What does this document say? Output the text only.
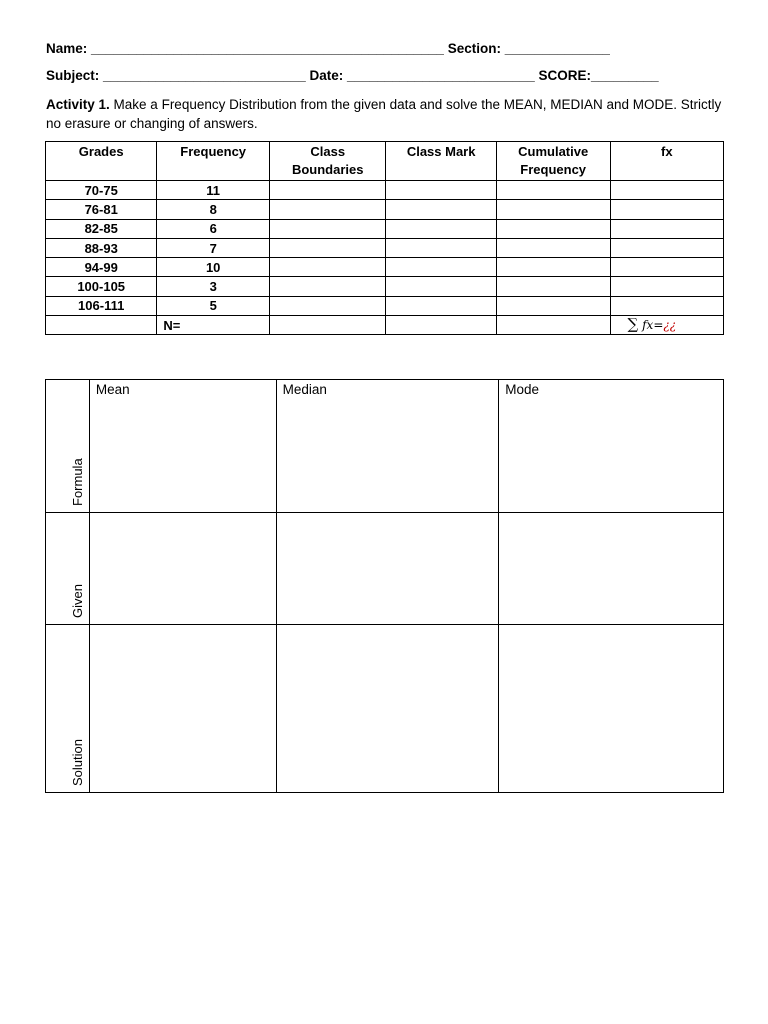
Name: _______________________________________________ Section: ______________
Subject: ___________________________ Date: _________________________ SCORE:_________
Activity 1. Make a Frequency Distribution from the given data and solve the MEAN, MEDIAN and MODE. Strictly no erasure or changing of answers.
Grades	Frequency	Class Boundaries	Class Mark	Cumulative Frequency	fx
70-75	11				
76-81	8				
82-85	6				
88-93	7				
94-99	10				
100-105	3				
106-111	5				
	N=				∑ fx=¿¿
Formula	Mean	Median	Mode

Given			

Solution			
